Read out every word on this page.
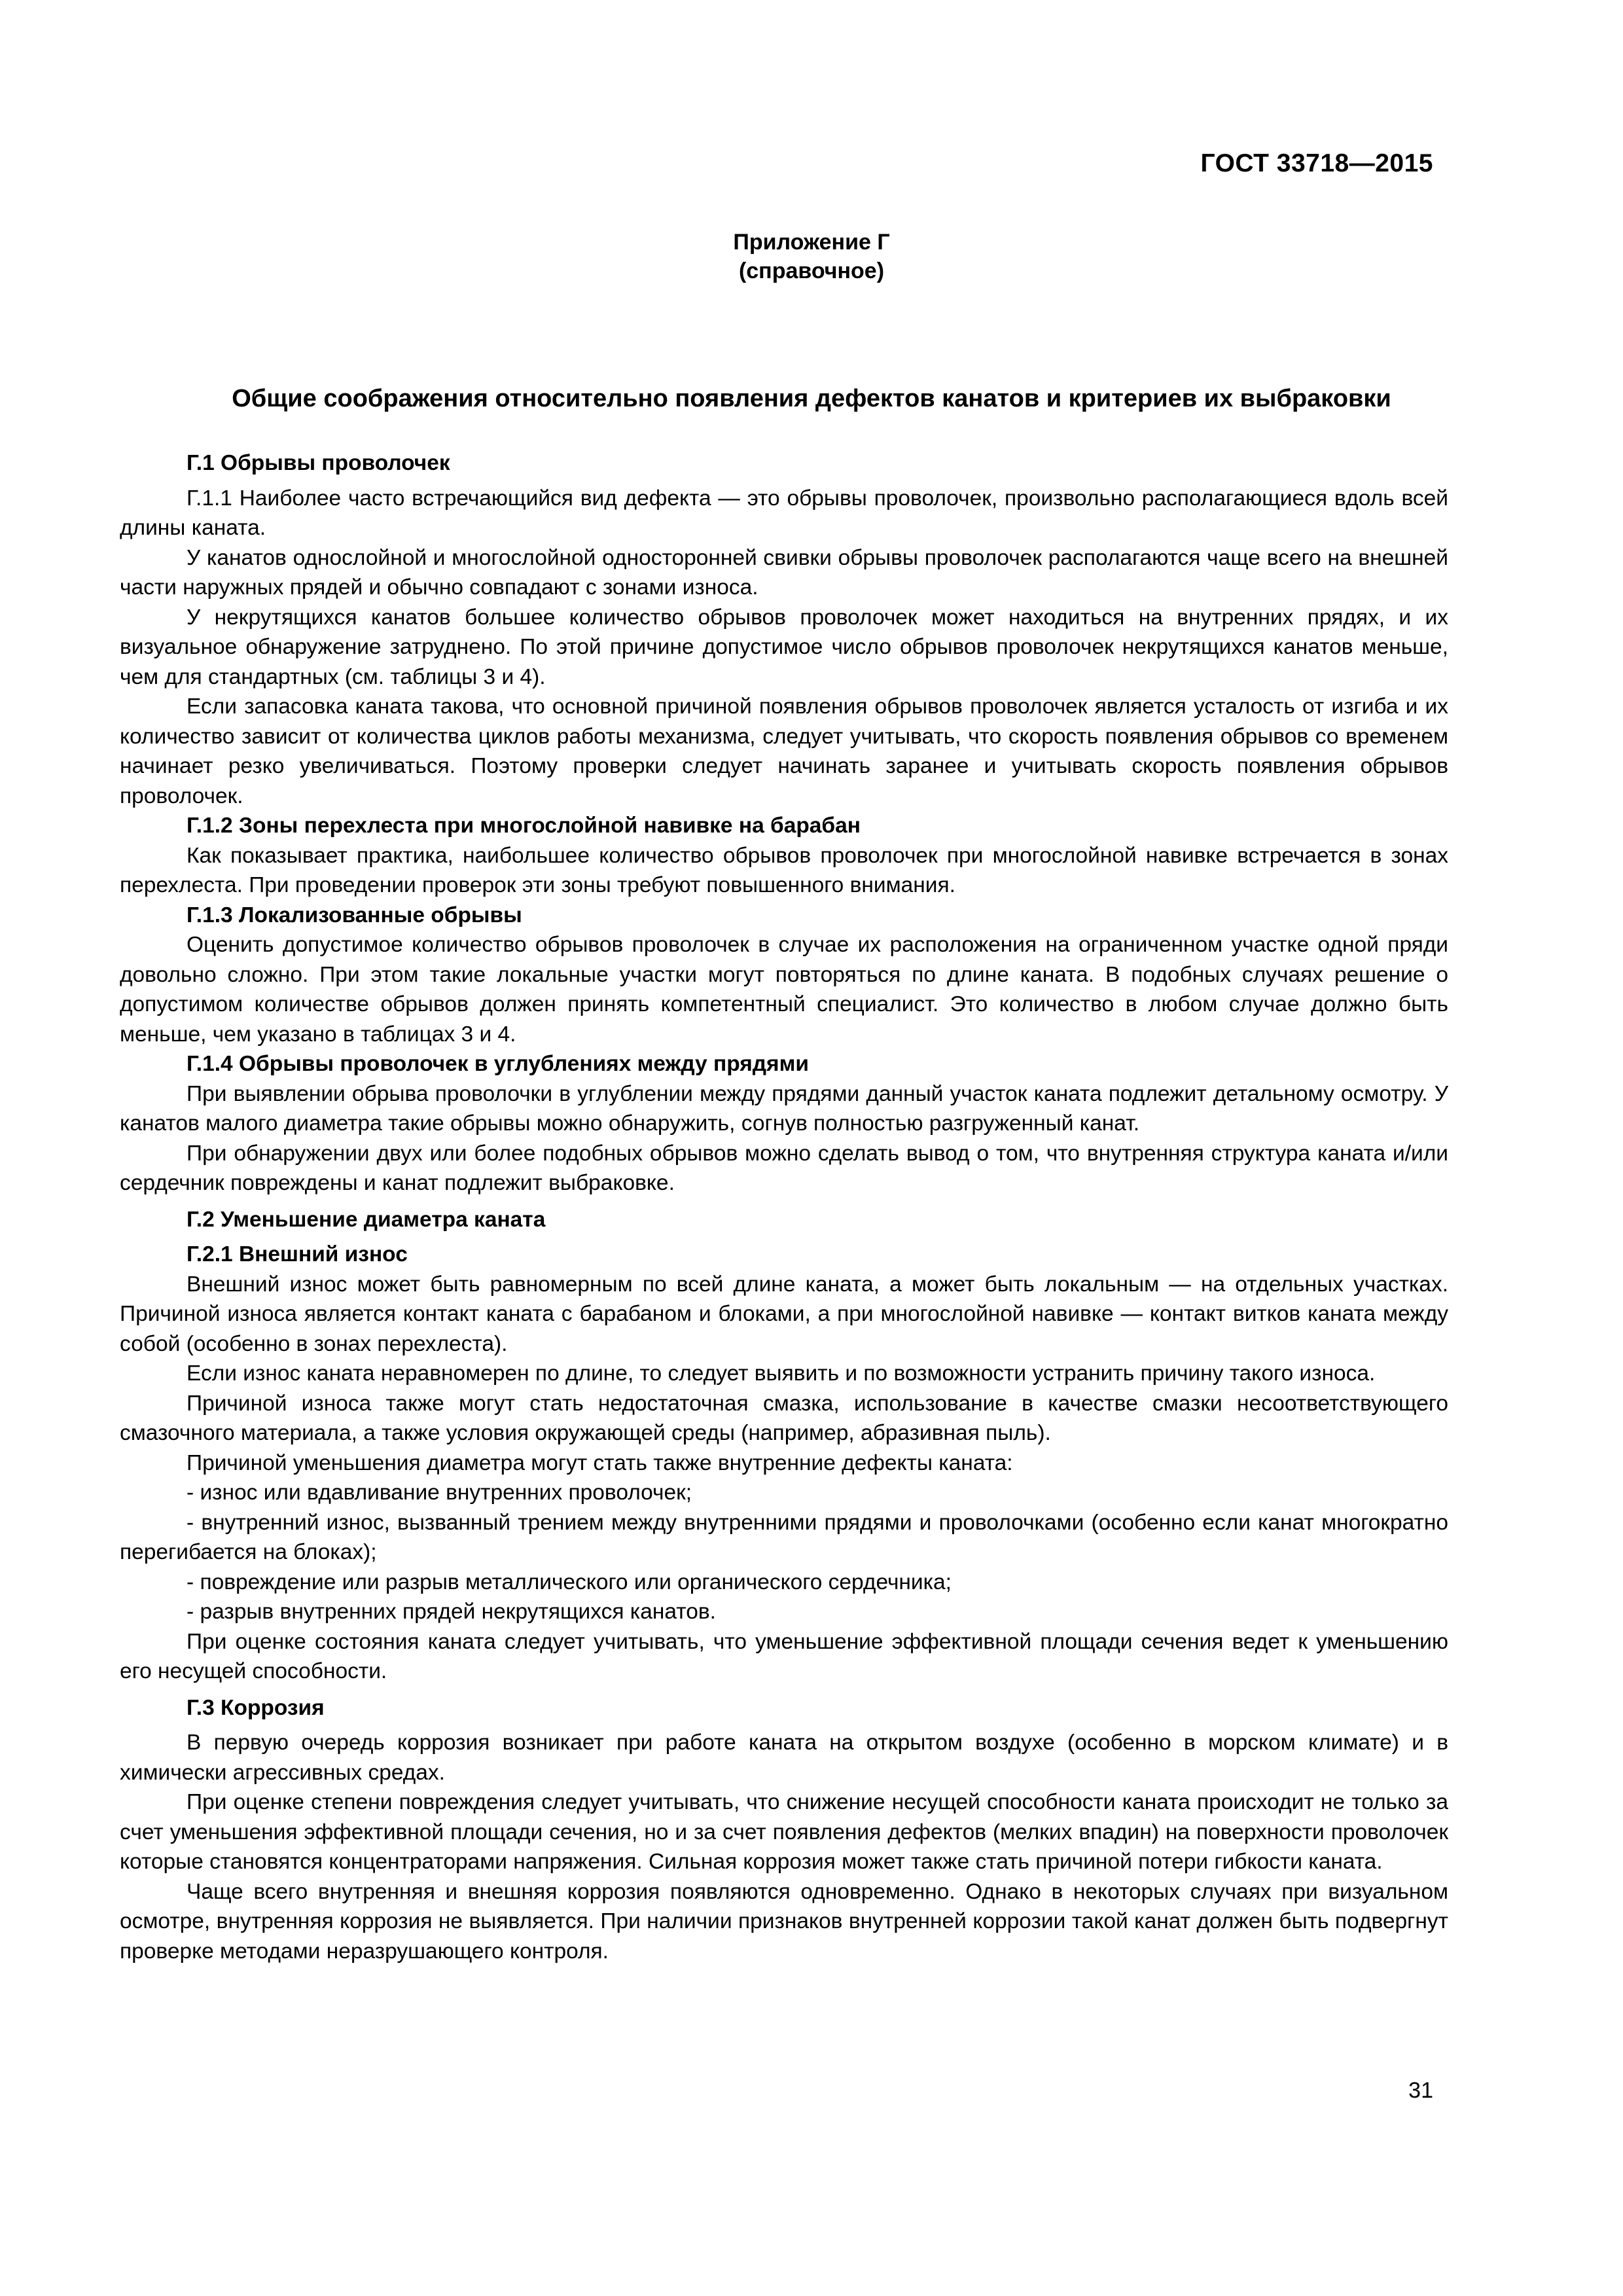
ГОСТ 33718—2015
Приложение Г
(справочное)
Общие соображения относительно появления дефектов канатов и критериев их выбраковки
Г.1 Обрывы проволочек

Г.1.1 Наиболее часто встречающийся вид дефекта — это обрывы проволочек, произвольно располагающиеся вдоль всей длины каната.

У канатов однослойной и многослойной односторонней свивки обрывы проволочек располагаются чаще всего на внешней части наружных прядей и обычно совпадают с зонами износа.

У некрутящихся канатов большее количество обрывов проволочек может находиться на внутренних прядях, и их визуальное обнаружение затруднено. По этой причине допустимое число обрывов проволочек некрутящихся канатов меньше, чем для стандартных (см. таблицы 3 и 4).

Если запасовка каната такова, что основной причиной появления обрывов проволочек является усталость от изгиба и их количество зависит от количества циклов работы механизма, следует учитывать, что скорость появления обрывов со временем начинает резко увеличиваться. Поэтому проверки следует начинать заранее и учитывать скорость появления обрывов проволочек.

Г.1.2 Зоны перехлеста при многослойной навивке на барабан

Как показывает практика, наибольшее количество обрывов проволочек при многослойной навивке встречается в зонах перехлеста. При проведении проверок эти зоны требуют повышенного внимания.

Г.1.3 Локализованные обрывы

Оценить допустимое количество обрывов проволочек в случае их расположения на ограниченном участке одной пряди довольно сложно. При этом такие локальные участки могут повторяться по длине каната. В подобных случаях решение о допустимом количестве обрывов должен принять компетентный специалист. Это количество в любом случае должно быть меньше, чем указано в таблицах 3 и 4.

Г.1.4 Обрывы проволочек в углублениях между прядями

При выявлении обрыва проволочки в углублении между прядями данный участок каната подлежит детальному осмотру. У канатов малого диаметра такие обрывы можно обнаружить, согнув полностью разгруженный канат.

При обнаружении двух или более подобных обрывов можно сделать вывод о том, что внутренняя структура каната и/или сердечник повреждены и канат подлежит выбраковке.

Г.2 Уменьшение диаметра каната
Г.2.1 Внешний износ

Внешний износ может быть равномерным по всей длине каната, а может быть локальным — на отдельных участках. Причиной износа является контакт каната с барабаном и блоками, а при многослойной навивке — контакт витков каната между собой (особенно в зонах перехлеста).

Если износ каната неравномерен по длине, то следует выявить и по возможности устранить причину такого износа.

Причиной износа также могут стать недостаточная смазка, использование в качестве смазки несоответствующего смазочного материала, а также условия окружающей среды (например, абразивная пыль).

Причиной уменьшения диаметра могут стать также внутренние дефекты каната:

- износ или вдавливание внутренних проволочек;

- внутренний износ, вызванный трением между внутренними прядями и проволочками (особенно если канат многократно перегибается на блоках);

- повреждение или разрыв металлического или органического сердечника;

- разрыв внутренних прядей некрутящихся канатов.

При оценке состояния каната следует учитывать, что уменьшение эффективной площади сечения ведет к уменьшению его несущей способности.

Г.3 Коррозия

В первую очередь коррозия возникает при работе каната на открытом воздухе (особенно в морском климате) и в химически агрессивных средах.

При оценке степени повреждения следует учитывать, что снижение несущей способности каната происходит не только за счет уменьшения эффективной площади сечения, но и за счет появления дефектов (мелких впадин) на поверхности проволочек которые становятся концентраторами напряжения. Сильная коррозия может также стать причиной потери гибкости каната.

Чаще всего внутренняя и внешняя коррозия появляются одновременно. Однако в некоторых случаях при визуальном осмотре, внутренняя коррозия не выявляется. При наличии признаков внутренней коррозии такой канат должен быть подвергнут проверке методами неразрушающего контроля.

31
